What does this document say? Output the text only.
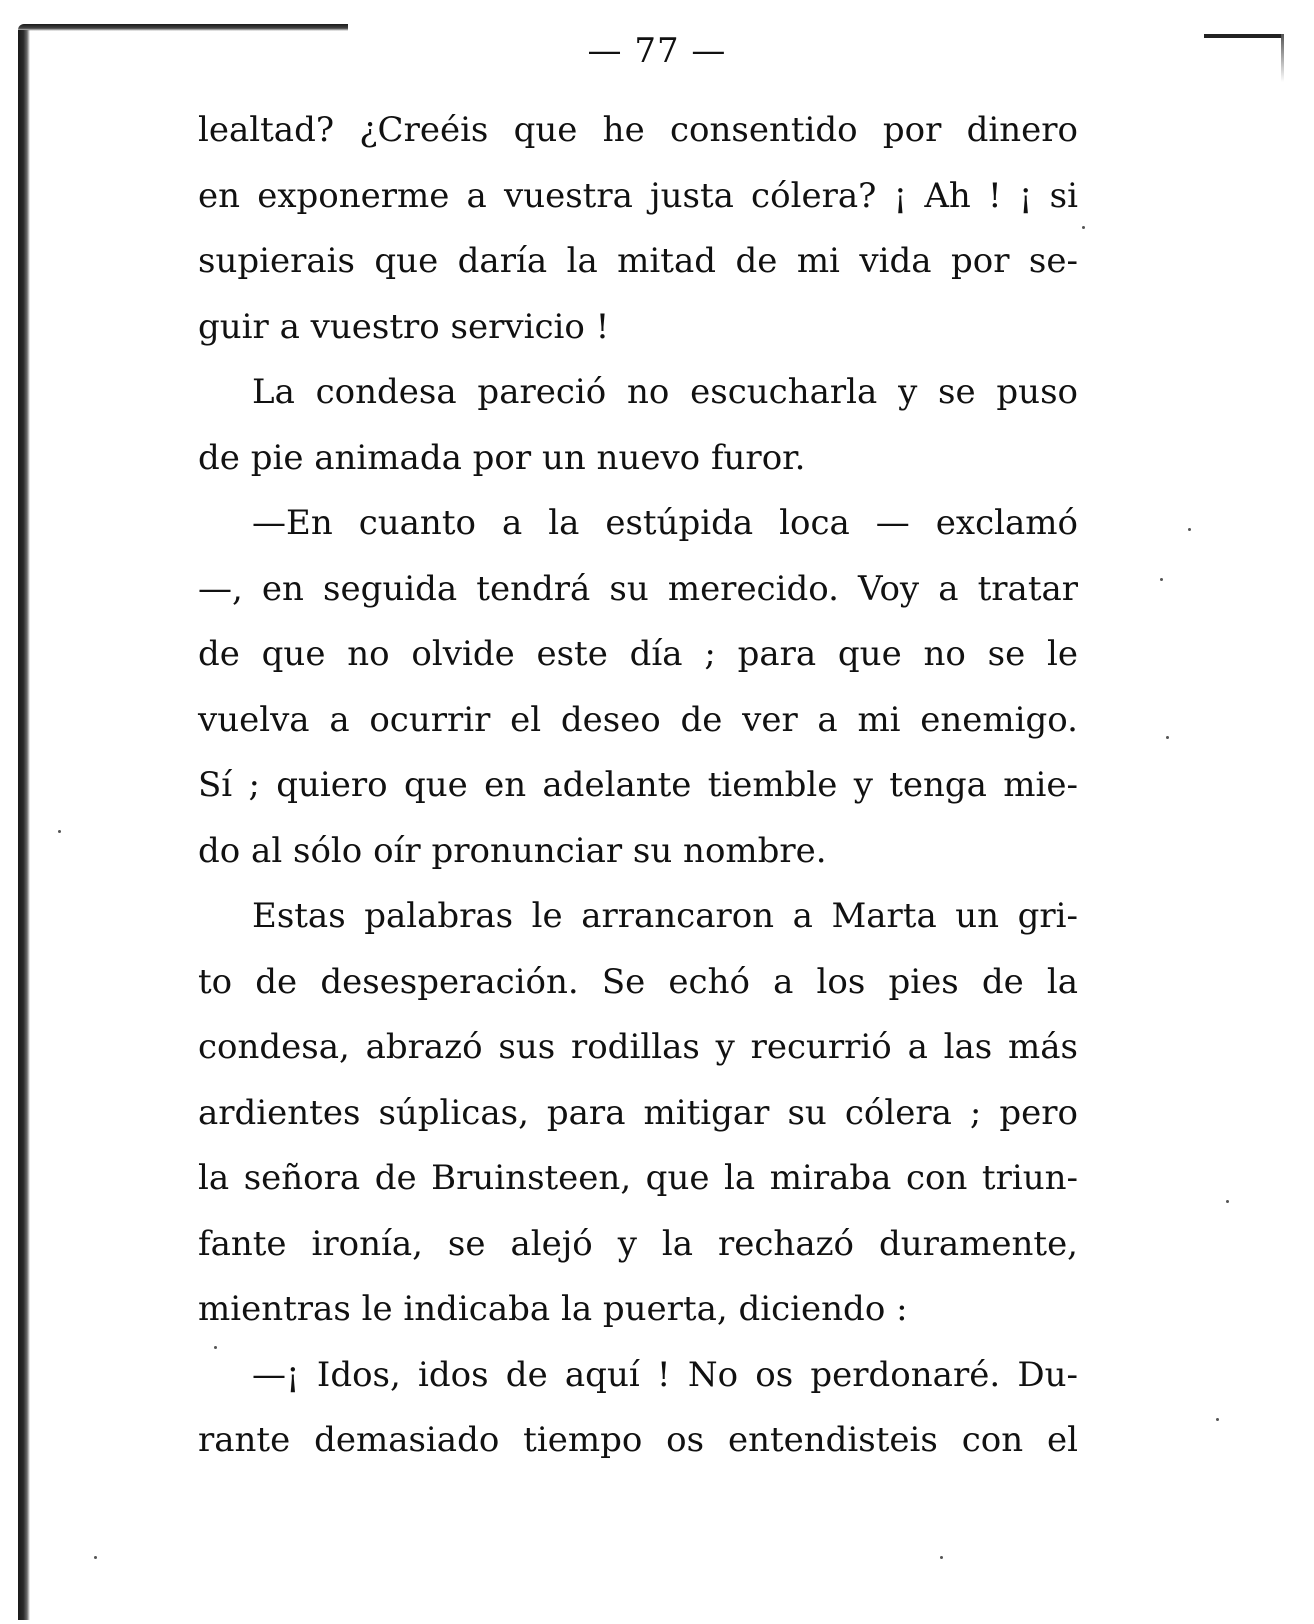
— 77 —

lealtad? ¿Creéis que he consentido por dinero
en exponerme a vuestra justa cólera? ¡ Ah ! ¡ si
supierais que daría la mitad de mi vida por se-
guir a vuestro servicio !

La condesa pareció no escucharla y se puso
de pie animada por un nuevo furor.

—En cuanto a la estúpida loca — exclamó
—, en seguida tendrá su merecido. Voy a tratar
de que no olvide este día ; para que no se le
vuelva a ocurrir el deseo de ver a mi enemigo.
Sí ; quiero que en adelante tiemble y tenga mie-
do al sólo oír pronunciar su nombre.

Estas palabras le arrancaron a Marta un gri-
to de desesperación. Se echó a los pies de la
condesa, abrazó sus rodillas y recurrió a las más
ardientes súplicas, para mitigar su cólera ; pero
la señora de Bruinsteen, que la miraba con triun-
fante ironía, se alejó y la rechazó duramente,
mientras le indicaba la puerta, diciendo :

—¡ Idos, idos de aquí ! No os perdonaré. Du-
rante demasiado tiempo os entendisteis con el
